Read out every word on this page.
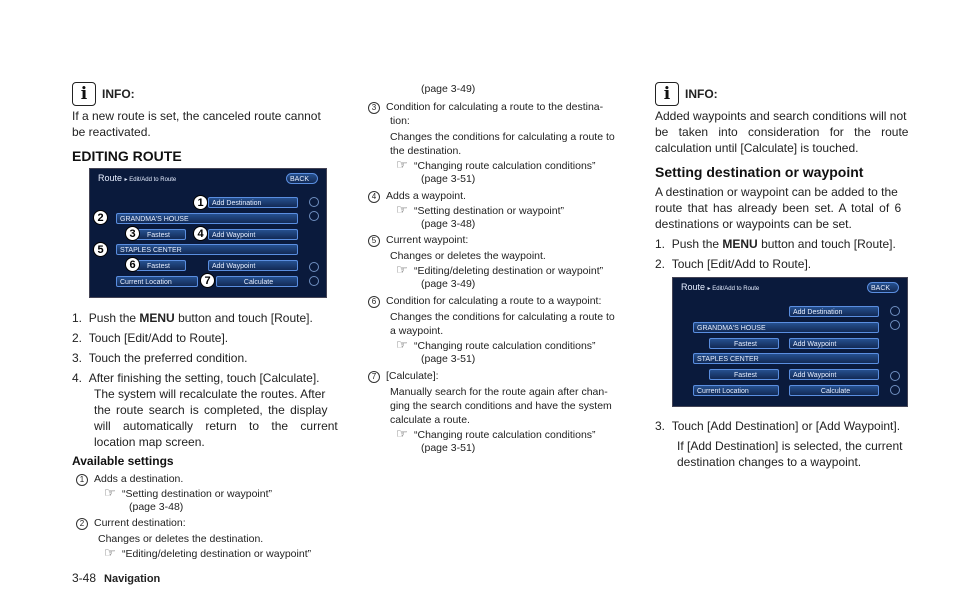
i	INFO:

If a new route is set, the canceled route cannot

be reactivated.

EDITING ROUTE

Route ▸ Edit/Add to Route	BACK
Add Destination
GRANDMA'S HOUSE
Fastest	Add Waypoint
STAPLES CENTER
Fastest	Add Waypoint
Current Location	Calculate
1
2
3	4
5
6
7
1. Push the MENU button and touch [Route].
2. Touch [Edit/Add to Route].
3. Touch the preferred condition.
4. After finishing the setting, touch [Calculate].

The system will recalculate the routes. After

the route search is completed, the display

will automatically return to the current

location map screen.

Available settings

1 Adds a destination.
☞ “Setting destination or waypoint”

(page 3-48)

2 Current destination:

Changes or deletes the destination.

☞ “Editing/deleting destination or waypoint”

(page 3-49)

3 Condition for calculating a route to the destina-

tion:

Changes the conditions for calculating a route to

the destination.

☞ “Changing route calculation conditions”

(page 3-51)

4 Adds a waypoint.
☞ “Setting destination or waypoint”

(page 3-48)

5 Current waypoint:

Changes or deletes the waypoint.

☞ “Editing/deleting destination or waypoint”

(page 3-49)

6 Condition for calculating a route to a waypoint:

Changes the conditions for calculating a route to

a waypoint.

☞ “Changing route calculation conditions”

(page 3-51)

7 [Calculate]:

Manually search for the route again after chan-

ging the search conditions and have the system

calculate a route.

☞ “Changing route calculation conditions”

(page 3-51)

i	INFO:

Added waypoints and search conditions will not

be taken into consideration for the route

calculation until [Calculate] is touched.

Setting destination or waypoint

A destination or waypoint can be added to the

route that has already been set. A total of 6

destinations or waypoints can be set.

1. Push the MENU button and touch [Route].
2. Touch [Edit/Add to Route].
Route ▸ Edit/Add to Route	BACK
Add Destination
GRANDMA'S HOUSE
Fastest	Add Waypoint
STAPLES CENTER
Fastest	Add Waypoint
Current Location	Calculate
3. Touch [Add Destination] or [Add Waypoint].

If [Add Destination] is selected, the current

destination changes to a waypoint.

3-48 Navigation
